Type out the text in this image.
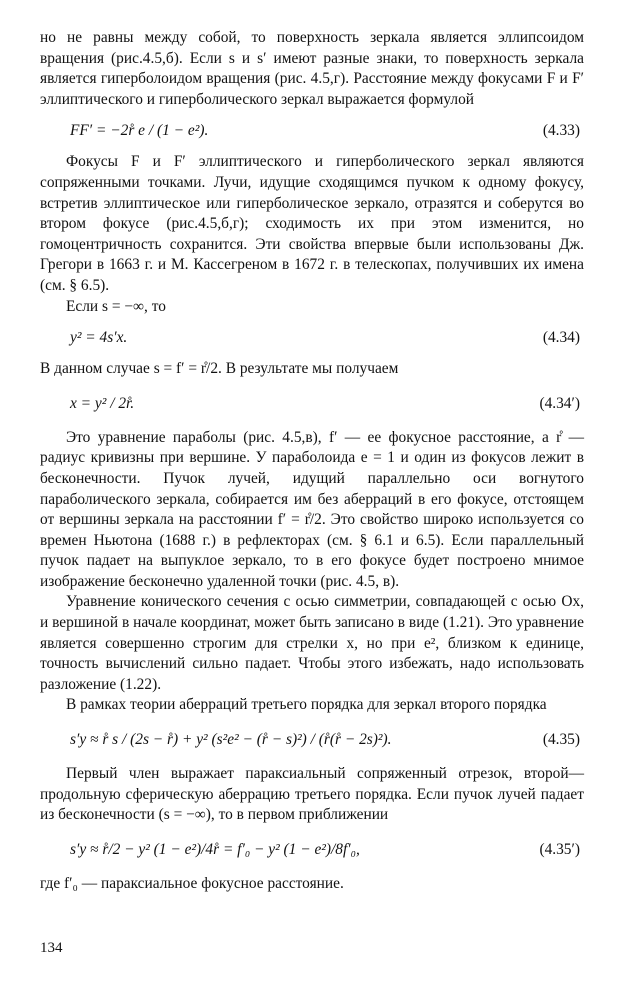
но не равны между собой, то поверхность зеркала является эллипсоидом вращения (рис.4.5,б). Если s и s′ имеют разные знаки, то поверхность зеркала является гиперболоидом вращения (рис. 4.5,г). Расстояние между фокусами F и F′ эллиптического и гиперболического зеркал выражается формулой

FF′ = −2r̊ e / (1 − e²).	(4.33)

Фокусы F и F′ эллиптического и гиперболического зеркал являются сопряженными точками. Лучи, идущие сходящимся пучком к одному фокусу, встретив эллиптическое или гиперболическое зеркало, отразятся и соберутся во втором фокусе (рис.4.5,б,г); сходимость их при этом изменится, но гомоцентричность сохранится. Эти свойства впервые были использованы Дж. Грегори в 1663 г. и М. Кассегреном в 1672 г. в телескопах, получивших их имена (см. § 6.5).

Если s = −∞, то

y² = 4s′x.	(4.34)

В данном случае s = f′ = r̊/2. В результате мы получаем

x = y² / 2r̊.	(4.34′)

Это уравнение параболы (рис. 4.5,в), f′ — ее фокусное расстояние, а r̊ — радиус кривизны при вершине. У параболоида e = 1 и один из фокусов лежит в бесконечности. Пучок лучей, идущий параллельно оси вогнутого параболического зеркала, собирается им без аберраций в его фокусе, отстоящем от вершины зеркала на расстоянии f′ = r̊/2. Это свойство широко используется со времен Ньютона (1688 г.) в рефлекторах (см. § 6.1 и 6.5). Если параллельный пучок падает на выпуклое зеркало, то в его фокусе будет построено мнимое изображение бесконечно удаленной точки (рис. 4.5, в).

Уравнение конического сечения с осью симметрии, совпадающей с осью Ox, и вершиной в начале координат, может быть записано в виде (1.21). Это уравнение является совершенно строгим для стрелки x, но при e², близком к единице, точность вычислений сильно падает. Чтобы этого избежать, надо использовать разложение (1.22).

В рамках теории аберраций третьего порядка для зеркал второго порядка

s′y ≈ r̊ s / (2s − r̊) + y² (s²e² − (r̊ − s)²) / (r̊(r̊ − 2s)²).	(4.35)

Первый член выражает параксиальный сопряженный отрезок, второй—продольную сферическую аберрацию третьего порядка. Если пучок лучей падает из бесконечности (s = −∞), то в первом приближении

s′y ≈ r̊/2 − y² (1 − e²)/4r̊ = f′₀ − y² (1 − e²)/8f′₀,	(4.35′)

где f′₀ — параксиальное фокусное расстояние.

134
